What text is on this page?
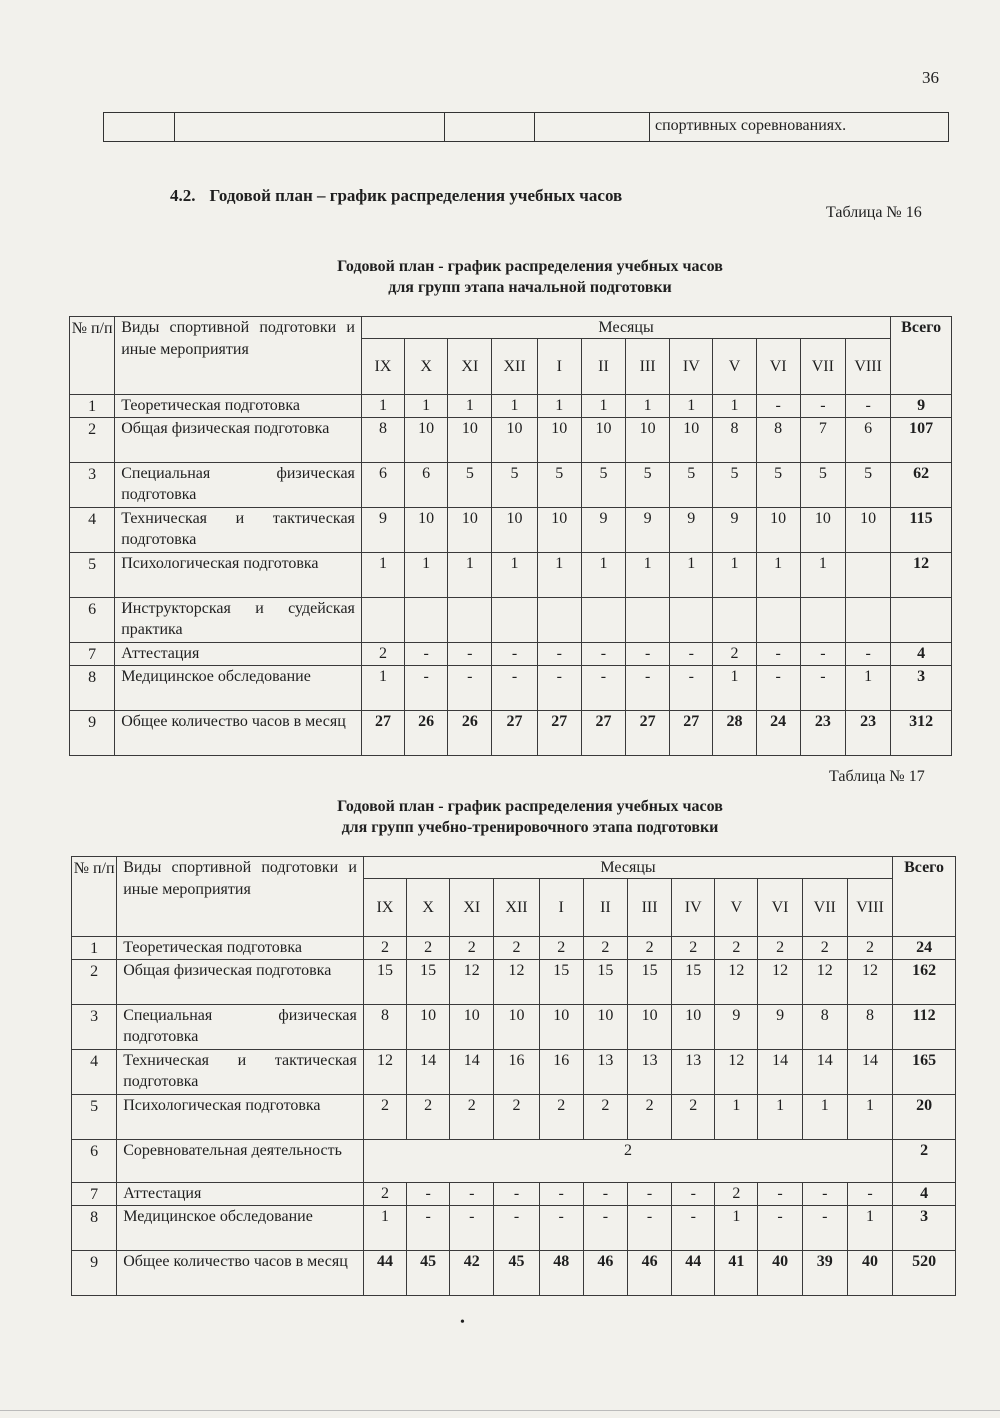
36
спортивных соревнованиях.
4.2. Годовой план – график распределения учебных часов
Таблица № 16
Годовой план - график распределения учебных часов
для групп этапа начальной подготовки
№ п/п	Виды спортивной подготовки и иные мероприятия	Месяцы												Всего
		IX	X	XI	XII	I	II	III	IV	V	VI	VII	VIII	

1	Теоретическая подготовка	1	1	1	1	1	1	1	1	1	-	-	-	9
2	Общая физическая подготовка	8	10	10	10	10	10	10	10	8	8	7	6	107
3	Специальная физическая подготовка	6	6	5	5	5	5	5	5	5	5	5	5	62
4	Техническая и тактическая подготовка	9	10	10	10	10	9	9	9	9	10	10	10	115
5	Психологическая подготовка	1	1	1	1	1	1	1	1	1	1	1		12
6	Инструкторская и судейская практика													
7	Аттестация	2	-	-	-	-	-	-	-	2	-	-	-	4
8	Медицинское обследование	1	-	-	-	-	-	-	-	1	-	-	1	3
9	Общее количество часов в месяц	27	26	26	27	27	27	27	27	28	24	23	23	312
Таблица № 17
Годовой план - график распределения учебных часов
для групп учебно-тренировочного этапа подготовки
№ п/п	Виды спортивной подготовки и иные мероприятия	Месяцы												Всего
		IX	X	XI	XII	I	II	III	IV	V	VI	VII	VIII	

1	Теоретическая подготовка	2	2	2	2	2	2	2	2	2	2	2	2	24
2	Общая физическая подготовка	15	15	12	12	15	15	15	15	12	12	12	12	162
3	Специальная физическая подготовка	8	10	10	10	10	10	10	10	9	9	8	8	112
4	Техническая и тактическая подготовка	12	14	14	16	16	13	13	13	12	14	14	14	165
5	Психологическая подготовка	2	2	2	2	2	2	2	2	1	1	1	1	20
6	Соревновательная деятельность	2												2
7	Аттестация	2	-	-	-	-	-	-	-	2	-	-	-	4
8	Медицинское обследование	1	-	-	-	-	-	-	-	1	-	-	1	3
9	Общее количество часов в месяц	44	45	42	45	48	46	46	44	41	40	39	40	520
•
